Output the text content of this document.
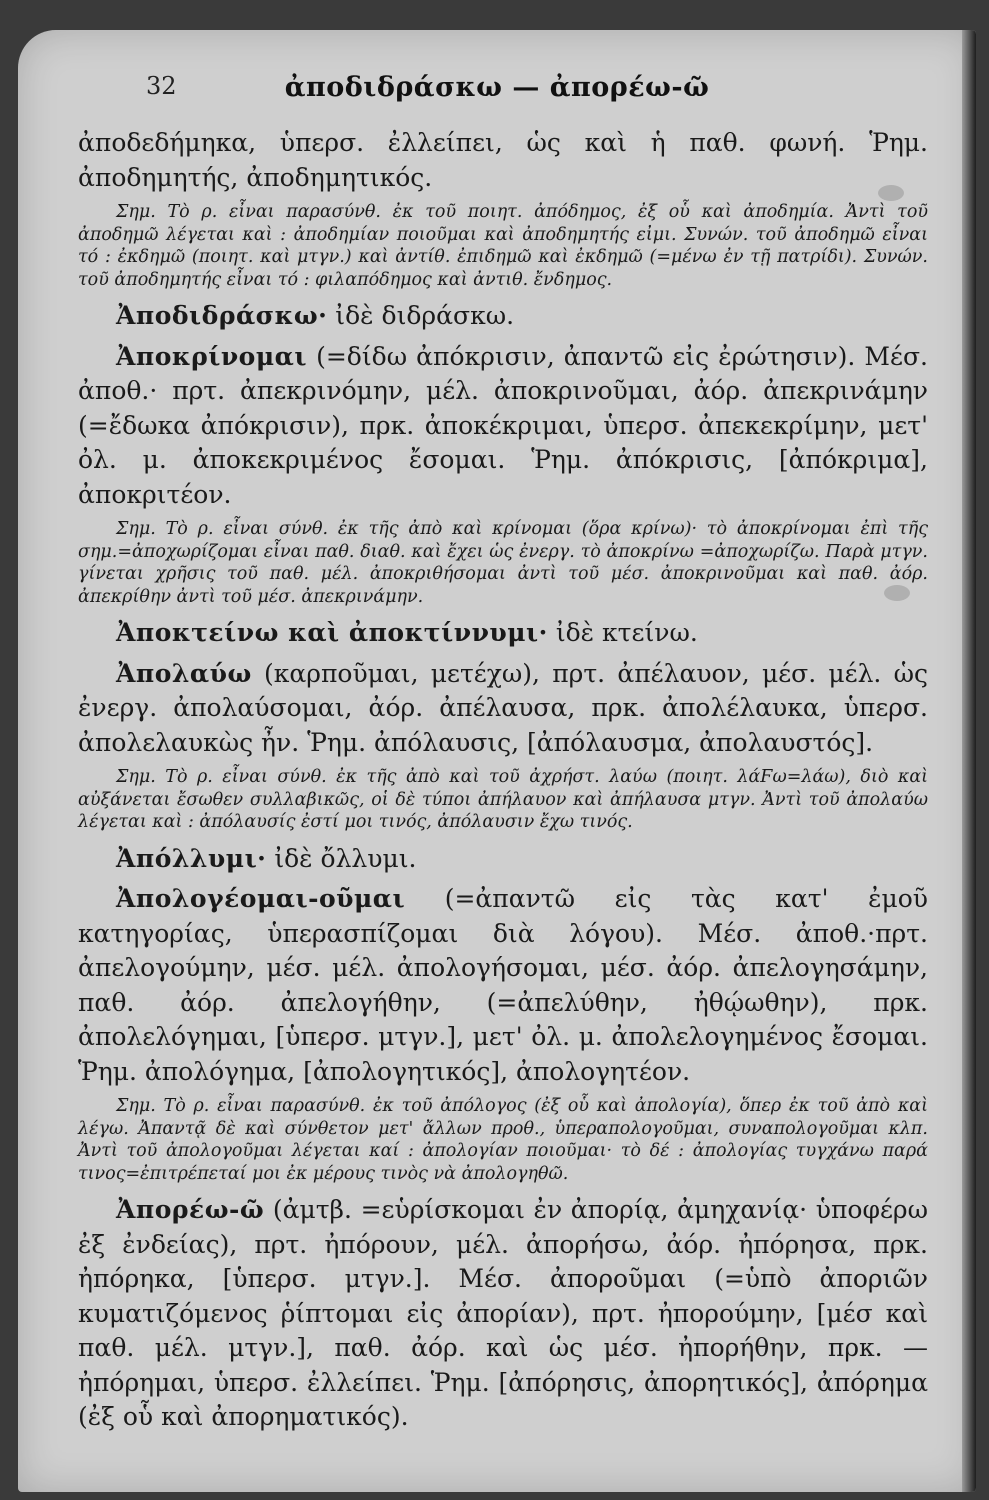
32	ἀποδιδράσκω — ἀπορέω-ῶ

ἀποδεδήμηκα, ὑπερσ. ἐλλείπει, ὡς καὶ ἡ παθ. φωνή. Ῥημ. ἀποδημητής, ἀποδημητικός.

Σημ. Τὸ ρ. εἶναι παρασύνθ. ἐκ τοῦ ποιητ. ἀπόδημος, ἐξ οὗ καὶ ἀποδημία. Ἀντὶ τοῦ ἀποδημῶ λέγεται καὶ : ἀποδημίαν ποιοῦμαι καὶ ἀποδημητής εἰμι. Συνών. τοῦ ἀποδημῶ εἶναι τό : ἐκδημῶ (ποιητ. καὶ μτγν.) καὶ ἀντίθ. ἐπιδημῶ καὶ ἐκδημῶ (=μένω ἐν τῇ πατρίδι). Συνών. τοῦ ἀποδημητής εἶναι τό : φιλαπόδημος καὶ ἀντιθ. ἔνδημος.

Ἀποδιδράσκω· ἰδὲ διδράσκω.

Ἀποκρίνομαι (=δίδω ἀπόκρισιν, ἀπαντῶ εἰς ἐρώτησιν). Μέσ. ἀποθ.· πρτ. ἀπεκρινόμην, μέλ. ἀποκρινοῦμαι, ἀόρ. ἀπεκρινάμην (=ἔδωκα ἀπόκρισιν), πρκ. ἀποκέκριμαι, ὑπερσ. ἀπεκεκρίμην, μετ' ὀλ. μ. ἀποκεκριμένος ἔσομαι. Ῥημ. ἀπόκρισις, [ἀπόκριμα], ἀποκριτέον.

Σημ. Τὸ ρ. εἶναι σύνθ. ἐκ τῆς ἀπὸ καὶ κρίνομαι (ὅρα κρίνω)· τὸ ἀποκρίνομαι ἐπὶ τῆς σημ.=ἀποχωρίζομαι εἶναι παθ. διαθ. καὶ ἔχει ὡς ἐνεργ. τὸ ἀποκρίνω =ἀποχωρίζω. Παρὰ μτγν. γίνεται χρῆσις τοῦ παθ. μέλ. ἀποκριθήσομαι ἀντὶ τοῦ μέσ. ἀποκρινοῦμαι καὶ παθ. ἀόρ. ἀπεκρίθην ἀντὶ τοῦ μέσ. ἀπεκρινάμην.

Ἀποκτείνω καὶ ἀποκτίννυμι· ἰδὲ κτείνω.

Ἀπολαύω (καρποῦμαι, μετέχω), πρτ. ἀπέλαυον, μέσ. μέλ. ὡς ἐνεργ. ἀπολαύσομαι, ἀόρ. ἀπέλαυσα, πρκ. ἀπολέλαυκα, ὑπερσ. ἀπολελαυκὼς ἦν. Ῥημ. ἀπόλαυσις, [ἀπόλαυσμα, ἀπολαυστός].

Σημ. Τὸ ρ. εἶναι σύνθ. ἐκ τῆς ἀπὸ καὶ τοῦ ἀχρήστ. λαύω (ποιητ. λάϜω=λάω), διὸ καὶ αὐξάνεται ἔσωθεν συλλαβικῶς, οἱ δὲ τύποι ἀπήλαυον καὶ ἀπήλαυσα μτγν. Ἀντὶ τοῦ ἀπολαύω λέγεται καὶ : ἀπόλαυσίς ἐστί μοι τινός, ἀπόλαυσιν ἔχω τινός.

Ἀπόλλυμι· ἰδὲ ὄλλυμι.

Ἀπολογέομαι-οῦμαι (=ἀπαντῶ εἰς τὰς κατ' ἐμοῦ κατηγορίας, ὑπερασπίζομαι διὰ λόγου). Μέσ. ἀποθ.·πρτ. ἀπελογούμην, μέσ. μέλ. ἀπολογήσομαι, μέσ. ἀόρ. ἀπελογησάμην, παθ. ἀόρ. ἀπελογήθην, (=ἀπελύθην, ἠθῴωθην), πρκ. ἀπολελόγημαι, [ὑπερσ. μτγν.], μετ' ὀλ. μ. ἀπολελογημένος ἔσομαι. Ῥημ. ἀπολόγημα, [ἀπολογητικός], ἀπολογητέον.

Σημ. Τὸ ρ. εἶναι παρασύνθ. ἐκ τοῦ ἀπόλογος (ἐξ οὗ καὶ ἀπολογία), ὅπερ ἐκ τοῦ ἀπὸ καὶ λέγω. Ἀπαντᾷ δὲ καὶ σύνθετον μετ' ἄλλων προθ., ὑπεραπολογοῦμαι, συναπολογοῦμαι κλπ. Ἀντὶ τοῦ ἀπολογοῦμαι λέγεται καί : ἀπολογίαν ποιοῦμαι· τὸ δέ : ἀπολογίας τυγχάνω παρά τινος=ἐπιτρέπεταί μοι ἐκ μέρους τινὸς νὰ ἀπολογηθῶ.

Ἀπορέω-ῶ (ἀμτβ. =εὑρίσκομαι ἐν ἀπορίᾳ, ἀμηχανίᾳ· ὑποφέρω ἐξ ἐνδείας), πρτ. ἠπόρουν, μέλ. ἀπορήσω, ἀόρ. ἠπόρησα, πρκ. ἠπόρηκα, [ὑπερσ. μτγν.]. Μέσ. ἀποροῦμαι (=ὑπὸ ἀποριῶν κυματιζόμενος ῥίπτομαι εἰς ἀπορίαν), πρτ. ἠπορούμην, [μέσ καὶ παθ. μέλ. μτγν.], παθ. ἀόρ. καὶ ὡς μέσ. ἠπορήθην, πρκ. —ἠπόρημαι, ὑπερσ. ἐλλείπει. Ῥημ. [ἀπόρησις, ἀπορητικός], ἀπόρημα (ἐξ οὗ καὶ ἀπορηματικός).
